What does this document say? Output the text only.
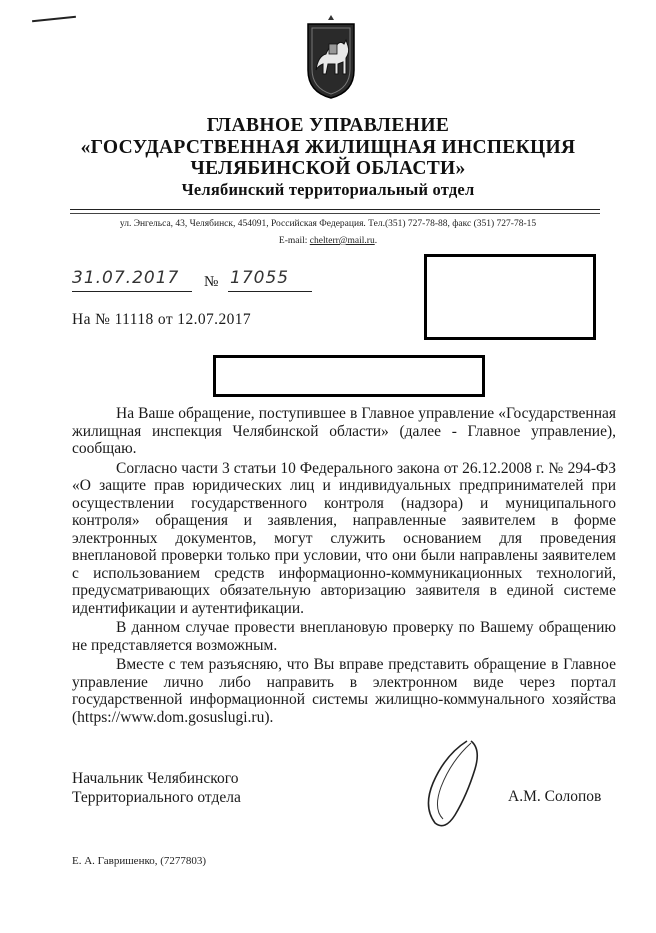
ГЛАВНОЕ УПРАВЛЕНИЕ
«ГОСУДАРСТВЕННАЯ ЖИЛИЩНАЯ ИНСПЕКЦИЯ
ЧЕЛЯБИНСКОЙ ОБЛАСТИ»
Челябинский территориальный отдел
ул. Энгельса, 43, Челябинск, 454091, Российская Федерация. Тел.(351) 727-78-88, факс (351) 727-78-15
E-mail: chelterr@mail.ru.
31.07.2017	№ 17055
На № 11118 от 12.07.2017

На Ваше обращение, поступившее в Главное управление «Государственная жилищная инспекция Челябинской области» (далее - Главное управление), сообщаю.

Согласно части 3 статьи 10 Федерального закона от 26.12.2008 г. № 294-ФЗ «О защите прав юридических лиц и индивидуальных предпринимателей при осуществлении государственного контроля (надзора) и муниципального контроля» обращения и заявления, направленные заявителем в форме электронных документов, могут служить основанием для проведения внеплановой проверки только при условии, что они были направлены заявителем с использованием средств информационно-коммуникационных технологий, предусматривающих обязательную авторизацию заявителя в единой системе идентификации и аутентификации.

В данном случае провести внеплановую проверку по Вашему обращению не представляется возможным.

Вместе с тем разъясняю, что Вы вправе представить обращение в Главное управление лично либо направить в электронном виде через портал государственной информационной системы жилищно-коммунального хозяйства (https://www.dom.gosuslugi.ru).

Начальник Челябинского
Территориального отдела	А.М. Солопов
Е. А. Гавришенко, (7277803)
